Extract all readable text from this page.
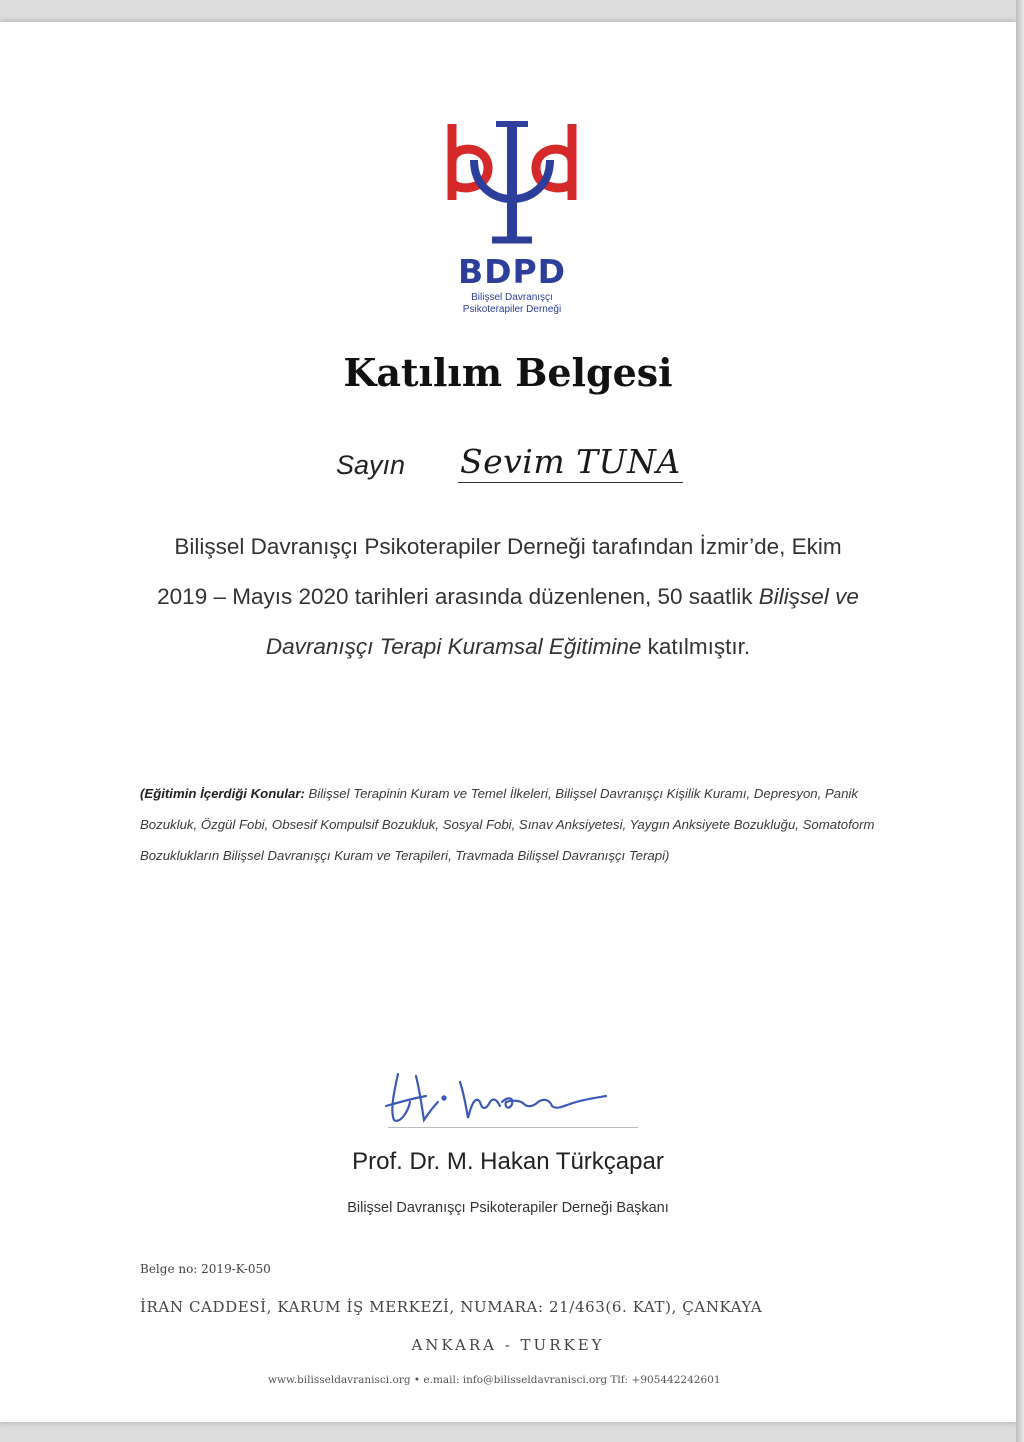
BDPD
Bilişsel Davranışçı
Psikoterapiler Derneği
Katılım Belgesi
Sayın Sevim TUNA
Bilişsel Davranışçı Psikoterapiler Derneği tarafından İzmir’de, Ekim 2019 – Mayıs 2020 tarihleri arasında düzenlenen, 50 saatlik Bilişsel ve Davranışçı Terapi Kuramsal Eğitimine katılmıştır.
(Eğitimin İçerdiği Konular: Bilişsel Terapinin Kuram ve Temel İlkeleri, Bilişsel Davranışçı Kişilik Kuramı, Depresyon, Panik Bozukluk, Özgül Fobi, Obsesif Kompulsif Bozukluk, Sosyal Fobi, Sınav Anksiyetesi, Yaygın Anksiyete Bozukluğu, Somatoform Bozuklukların Bilişsel Davranışçı Kuram ve Terapileri, Travmada Bilişsel Davranışçı Terapi)
Prof. Dr. M. Hakan Türkçapar
Bilişsel Davranışçı Psikoterapiler Derneği Başkanı
Belge no: 2019-K-050
İRAN CADDESİ, KARUM İŞ MERKEZİ, NUMARA: 21/463(6. KAT), ÇANKAYA
ANKARA - TURKEY
www.bilisseldavranisci.org • e.mail: info@bilisseldavranisci.org Tlf: +905442242601
